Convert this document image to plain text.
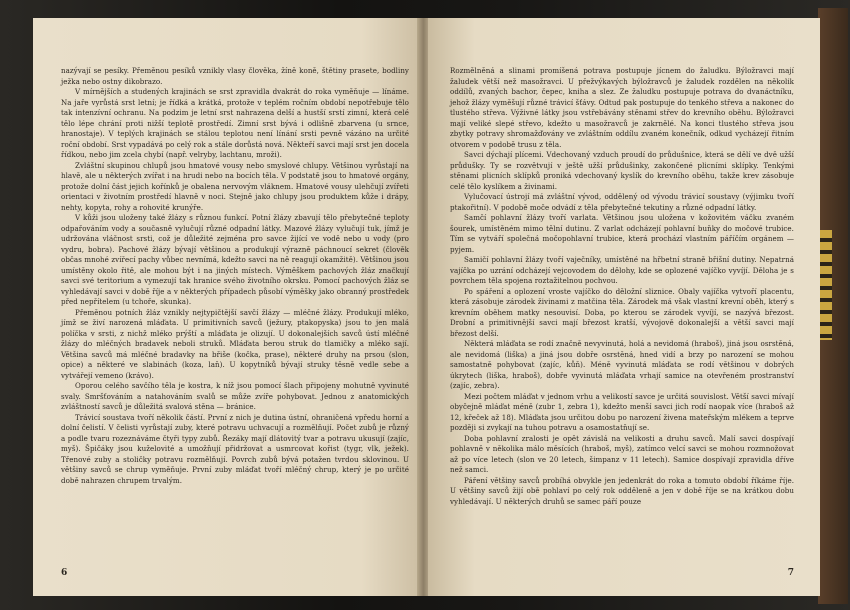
nazývají se pesíky. Přeměnou pesíků vznikly vlasy člověka, žíně koně, štětiny prasete, bodliny ježka nebo ostny dikobrazo.

V mírnějších a studených krajinách se srst zpravidla dvakrát do roka vyměňuje — línáme. Na jaře vyrůstá srst letní; je řídká a krátká, protože v teplém ročním období nepotřebuje tělo tak intenzívní ochranu. Na podzim je letní srst nahrazena delší a hustší srstí zimní, která celé tělo lépe chrání proti nižší teplotě prostředí. Zimní srst bývá i odlišně zbarvena (u srnce, hranostaje). V teplých krajinách se stálou teplotou není línání srsti pevně vázáno na určité roční období. Srst vypadává po celý rok a stále dorůstá nová. Někteří savci mají srst jen docela řídkou, nebo jim zcela chybí (např. velryby, lachtanu, mroži).

Zvláštní skupinou chlupů jsou hmatové vousy nebo smyslové chlupy. Většinou vyrůstají na hlavě, ale u některých zvířat i na hrudi nebo na bocích těla. V podstatě jsou to hmatové orgány, protože dolní část jejich kořínků je obalena nervovým vláknem. Hmatové vousy ulehčují zvířeti orientaci v životním prostředí hlavně v noci. Stejně jako chlupy jsou produktem kůže i drápy, nehty, kopyta, rohy a rohovité krunýře.

V kůži jsou uloženy také žlázy s různou funkcí. Potní žlázy zbavují tělo přebytečné teploty odpařováním vody a současně vylučují různé odpadní látky. Mazové žlázy vylučují tuk, jímž je udržována vláčnost srsti, což je důležité zejména pro savce žijící ve vodě nebo u vody (pro vydru, bobra). Pachové žlázy bývají většinou a produkují výrazně páchnoucí sekret (člověk občas mnohé zvířecí pachy vůbec nevnímá, kdežto savci na ně reagují okamžitě). Většinou jsou umístěny okolo řitě, ale mohou být i na jiných místech. Výměškem pachových žláz značkují savci své teritorium a vymezují tak hranice svého životního okrsku. Pomocí pachových žláz se vyhledávají savci v době říje a v některých případech působí výměšky jako obranný prostředek před nepřítelem (u tchoře, skunka).

Přeměnou potních žláz vznikly nejtypičtější savčí žlázy — mléčné žlázy. Produkují mléko, jímž se živí narozená mláďata. U primitivních savců (ježury, ptakopyska) jsou to jen malá políčka v srsti, z nichž mléko prýští a mláďata je olizují. U dokonalejších savců ústí mléčné žlázy do mléčných bradavek neboli struků. Mláďata berou struk do tlamičky a mléko sají. Většina savců má mléčné bradavky na břiše (kočka, prase), některé druhy na prsou (slon, opice) a některé ve slabinách (koza, laň). U kopytníků bývají struky těsně vedle sebe a vytvářejí vemeno (krávo).

Oporou celého savčího těla je kostra, k níž jsou pomocí šlach připojeny mohutně vyvinuté svaly. Smršťováním a natahováním svalů se může zvíře pohybovat. Jednou z anatomických zvláštností savců je důležitá svalová stěna — bránice.

Trávicí soustava tvoří několik částí. První z nich je dutina ústní, ohraničená vpředu horní a dolní čelistí. V čelisti vyrůstají zuby, které potravu uchvacují a rozmělňují. Počet zubů je různý a podle tvaru rozeznáváme čtyři typy zubů. Řezáky mají dlátovitý tvar a potravu ukusují (zajíc, myš). Špičáky jsou kuželovité a umožňují přidržovat a usmrcovat kořist (tygr, vlk, ježek). Třenové zuby a stoličky potravu rozmělňují. Povrch zubů bývá potažen tvrdou sklovinou. U většiny savců se chrup vyměňuje. První zuby mláďat tvoří mléčný chrup, který je po určité době nahrazen chrupem trvalým.

6

Rozmělněná a slinami promíšená potrava postupuje jícnem do žaludku. Býložravci mají žaludek větší než masožravci. U přežvýkavých býložravců je žaludek rozdělen na několik oddílů, zvaných bachor, čepec, kniha a slez. Ze žaludku postupuje potrava do dvanáctníku, jehož žlázy vyměšují různé trávicí šťávy. Odtud pak postupuje do tenkého střeva a nakonec do tlustého střeva. Výživné látky jsou vstřebávány stěnami střev do krevního oběhu. Býložravci mají veliké slepé střevo, kdežto u masožravců je zakrnělé. Na konci tlustého střeva jsou zbytky potravy shromažďovány ve zvláštním oddílu zvaném konečník, odkud vycházejí řitním otvorem v podobě trusu z těla.

Savci dýchají plícemi. Vdechovaný vzduch proudí do průdušnice, která se dělí ve dvě užší průdušky. Ty se rozvětvují v ještě užší průdušinky, zakončené plicními sklípky. Tenkými stěnami plicních sklípků proniká vdechovaný kyslík do krevního oběhu, takže krev zásobuje celé tělo kyslíkem a živinami.

Vylučovací ústrojí má zvláštní vývod, oddělený od vývodu trávicí soustavy (výjimku tvoří ptakořitní). V podobě moče odvádí z těla přebytečné tekutiny a různé odpadní látky.

Samčí pohlavní žlázy tvoří varlata. Většinou jsou uložena v kožovitém váčku zvaném šourek, umístěném mimo tělní dutinu. Z varlat odcházejí pohlavní buňky do močové trubice. Tím se vytváří společná močopohlavní trubice, která prochází vlastním páříčím orgánem — pyjem.

Samičí pohlavní žlázy tvoří vaječníky, umístěné na hřbetní straně břišní dutiny. Nepatrná vajíčka po uzrání odcházejí vejcovodem do dělohy, kde se oplozené vajíčko vyvíjí. Děloha je s povrchem těla spojena roztažitelnou pochvou.

Po spáření a oplození vroste vajíčko do děložní sliznice. Obaly vajíčka vytvoří placentu, která zásobuje zárodek živinami z matčina těla. Zárodek má však vlastní krevní oběh, který s krevním oběhem matky nesouvisí. Doba, po kterou se zárodek vyvíjí, se nazývá březost. Drobní a primitivnější savci mají březost kratší, vývojově dokonalejší a větší savci mají březost delší.

Některá mláďata se rodí značně nevyvinutá, holá a nevidomá (hraboš), jiná jsou osrstěná, ale nevidomá (liška) a jiná jsou dobře osrstěná, hned vidí a brzy po narození se mohou samostatně pohybovat (zajíc, kůň). Méně vyvinutá mláďata se rodí většinou v dobrých úkrytech (liška, hraboš), dobře vyvinutá mláďata vrhají samice na otevřeném prostranství (zajíc, zebra).

Mezi počtem mláďat v jednom vrhu a velikostí savce je určitá souvislost. Větší savci mívají obyčejně mláďat méně (zubr 1, zebra 1), kdežto menší savci jich rodí naopak více (hraboš až 12, křeček až 18). Mláďata jsou určitou dobu po narození živena mateřským mlékem a teprve později si zvykají na tuhou potravu a osamostatňují se.

Doba pohlavní zralosti je opět závislá na velikosti a druhu savců. Malí savci dospívají pohlavně v několika málo měsících (hraboš, myš), zatímco velcí savci se mohou rozmnožovat až po více letech (slon ve 20 letech, šimpanz v 11 letech). Samice dospívají zpravidla dříve než samci.

Páření většiny savců probíhá obvykle jen jedenkrát do roka a tomuto období říkáme říje. U většiny savců žijí obě pohlaví po celý rok odděleně a jen v době říje se na krátkou dobu vyhledávají. U některých druhů se samec páří pouze

7
